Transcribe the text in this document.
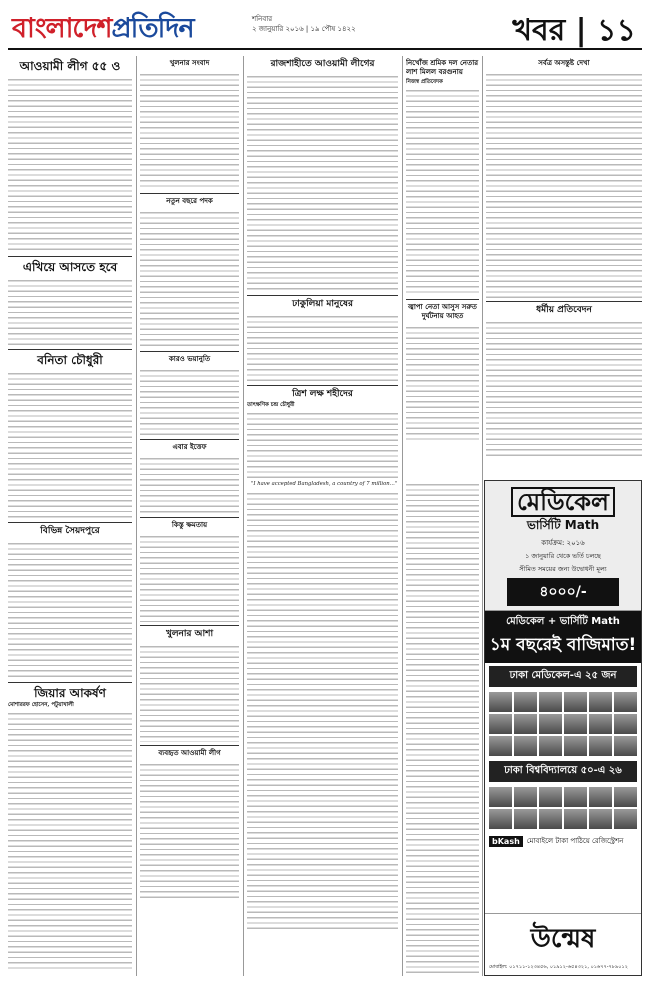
বাংলাদেশপ্রতিদিন	শনিবার
২ জানুয়ারি ২০১৬ | ১৯ পৌষ ১৪২২	খবর | ১১
আওয়ামী লীগ ৫৫ ও
এখিয়ে আসতে হবে
বনিতা চৌধুরী
বিভিন্ন সৈয়দপুরে
জিয়ার আকর্ষণ
মোশাররফ হোসেন, পটুয়াখালী
খুলনার সংবাদ
নতুন বছরে পদক
কারও ভয়ানুতি
এবার ইত্তেফ
কিস্তু ক্ষমতায়
খুলনার আশা
ব্যবহৃত আওয়ামী লীগ
রাজশাহীতে আওয়ামী লীগের
ঢাকুলিয়া মানুষের
ত্রিশ লক্ষ শহীদের
তাৎক্ষণিক চন্দ্র চৌধুরী

"I have accepted Bangladesh, a country of 7 million..."

নিখোঁজ শ্রমিক দল নেতার লাশ মিলল বরগুনায়
নিজস্ব প্রতিবেদক
জ্বাপা নেতা আসুস সরুত দুর্ঘটনায় আহত
সর্বত্র অসন্তুষ্ট দেখা
ধর্মীয় প্রতিবেদন
মেডিকেল
ভার্সিটি Math
কার্যক্রম: ২০১৬
১ জানুয়ারি থেকে ভর্তি চলছে
সীমিত সময়ের জন্য উদ্বোধনী মূল্য
৪০০০/-
মেডিকেল + ভার্সিটি Math
১ম বছরেই বাজিমাত!
ঢাকা মেডিকেল-এ ২৫ জন
ঢাকা বিশ্ববিদ্যালয়ে ৫০-এ ২৬
bKash	মোবাইলে টাকা পাঠিয়ে রেজিস্ট্রেশন
উন্মেষ
মোবাইল: ০১৭১১-১২৩৪৫৬, ০১৯১২-৬৫৪৩২১, ০১৬৭৭-৭৮৯০১২
